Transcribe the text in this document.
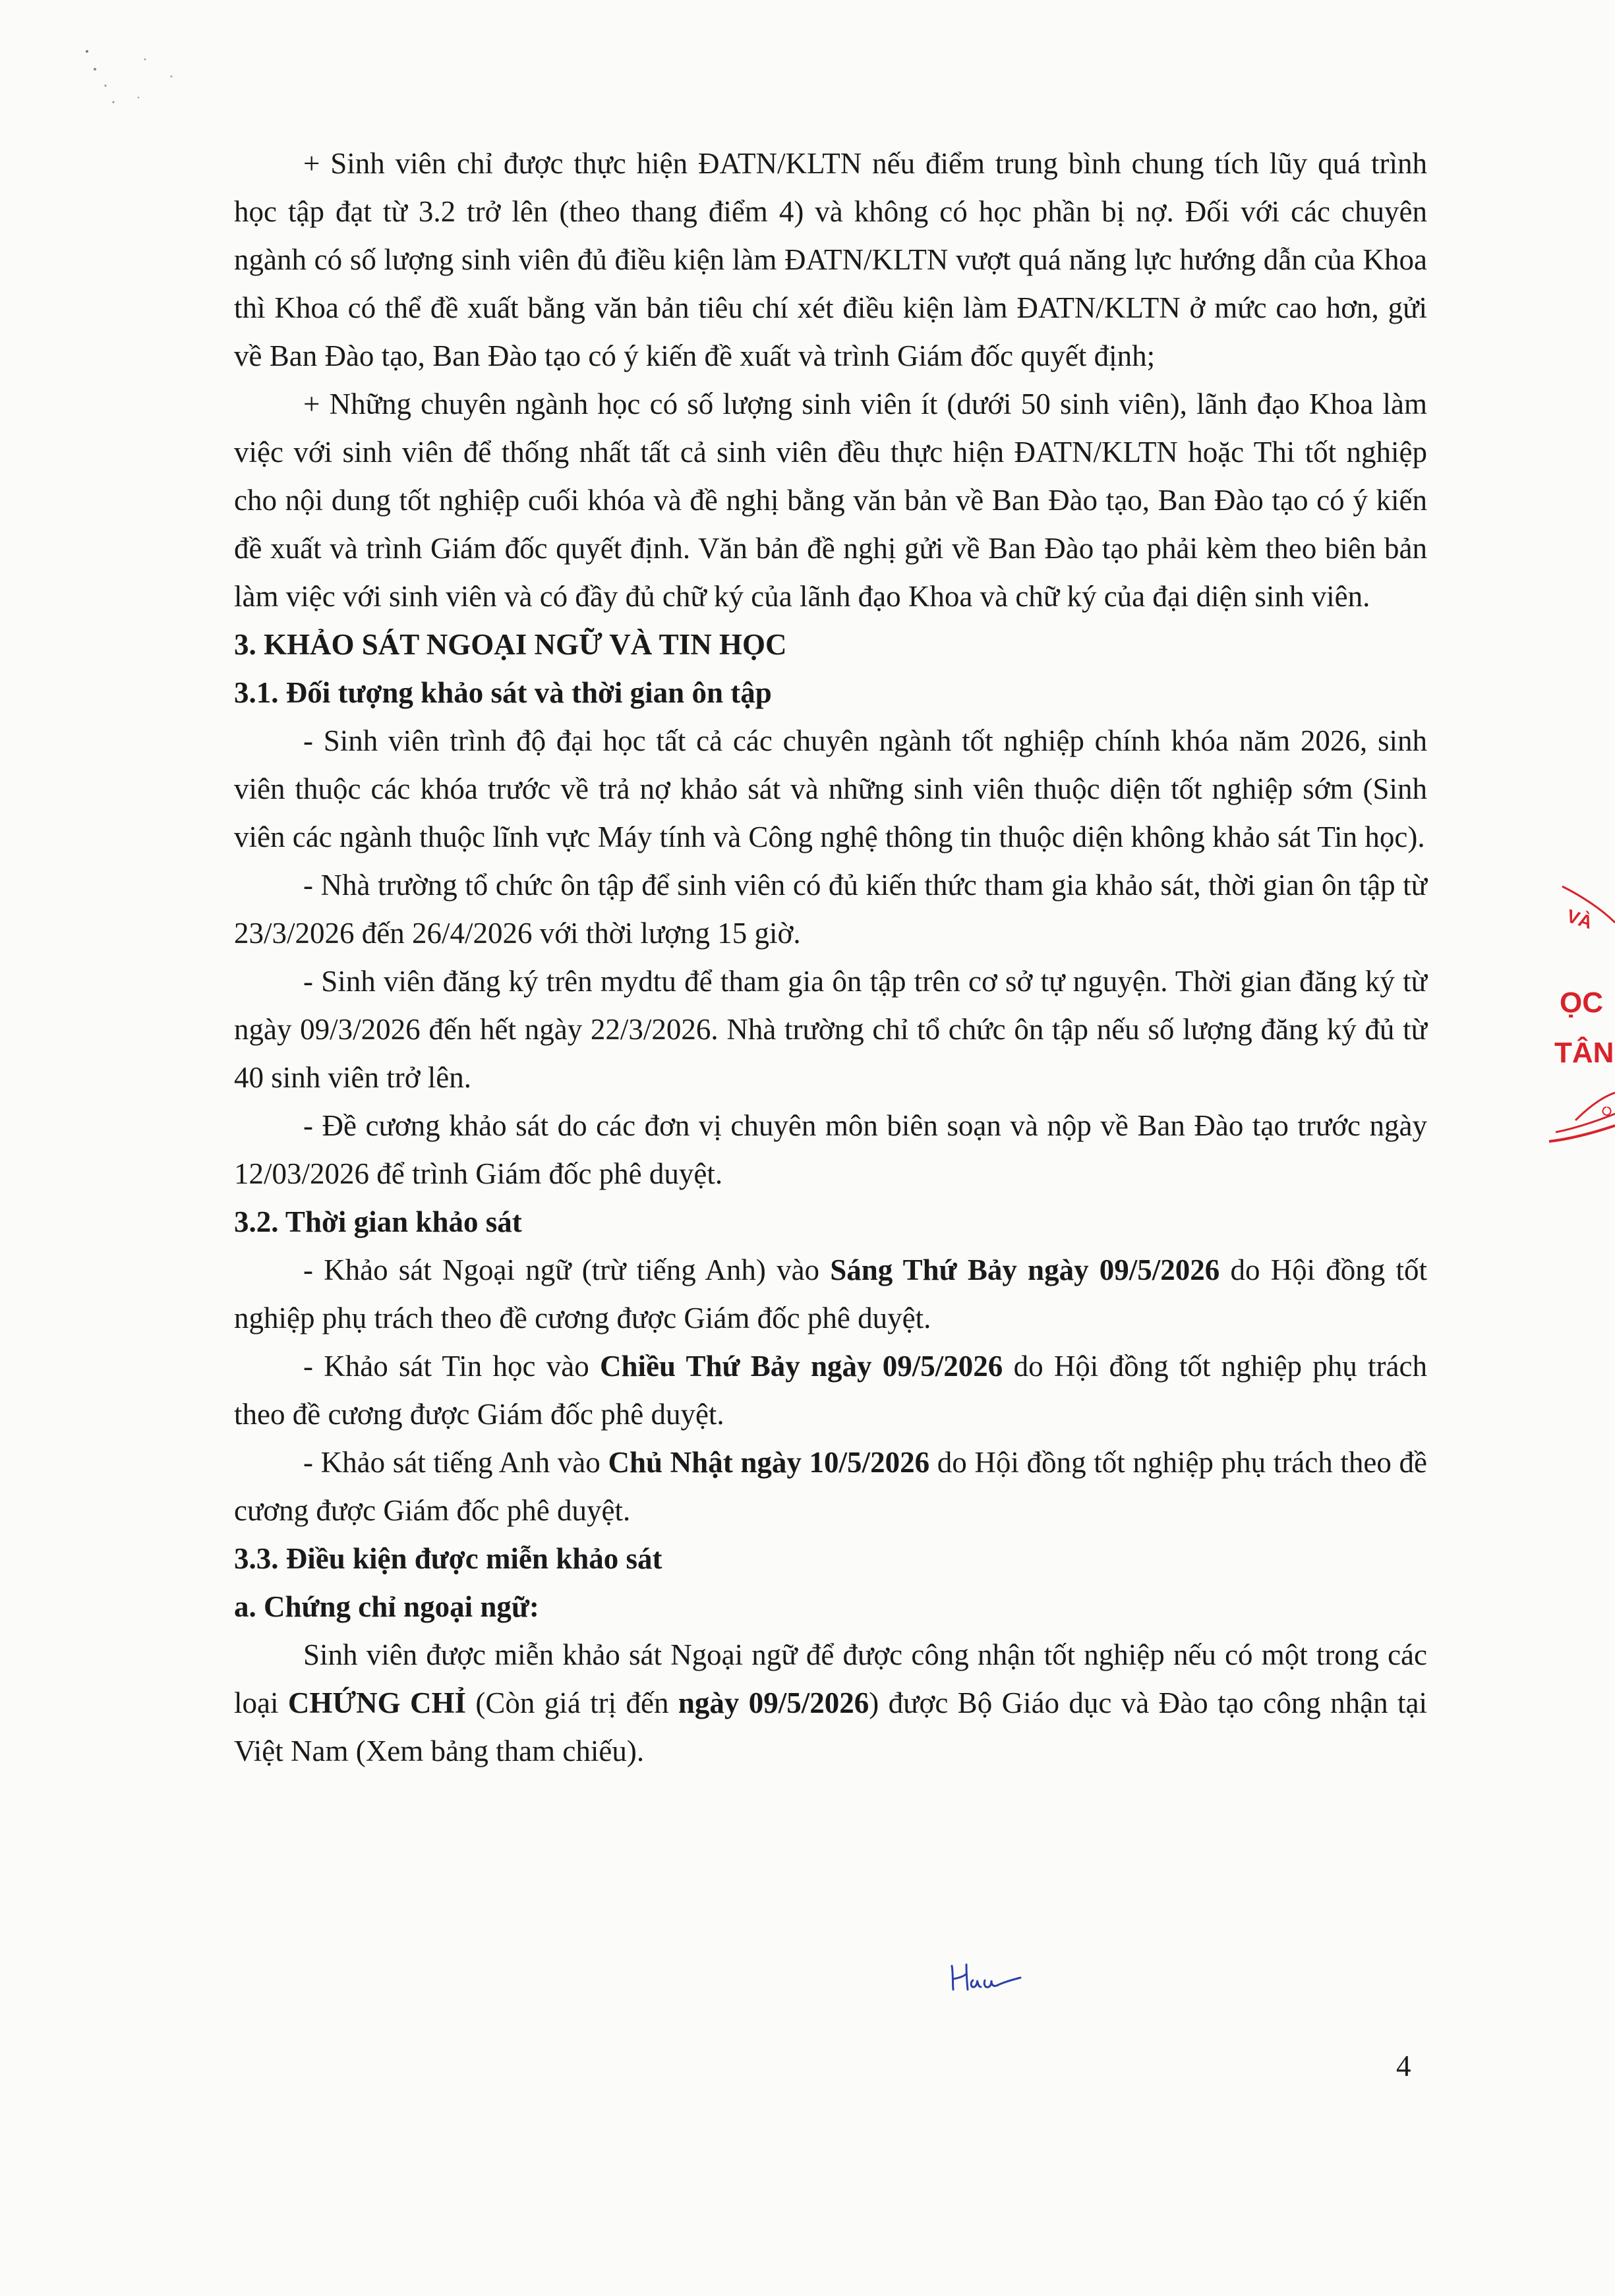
+ Sinh viên chỉ được thực hiện ĐATN/KLTN nếu điểm trung bình chung tích lũy quá trình học tập đạt từ 3.2 trở lên (theo thang điểm 4) và không có học phần bị nợ. Đối với các chuyên ngành có số lượng sinh viên đủ điều kiện làm ĐATN/KLTN vượt quá năng lực hướng dẫn của Khoa thì Khoa có thể đề xuất bằng văn bản tiêu chí xét điều kiện làm ĐATN/KLTN ở mức cao hơn, gửi về Ban Đào tạo, Ban Đào tạo có ý kiến đề xuất và trình Giám đốc quyết định;

+ Những chuyên ngành học có số lượng sinh viên ít (dưới 50 sinh viên), lãnh đạo Khoa làm việc với sinh viên để thống nhất tất cả sinh viên đều thực hiện ĐATN/KLTN hoặc Thi tốt nghiệp cho nội dung tốt nghiệp cuối khóa và đề nghị bằng văn bản về Ban Đào tạo, Ban Đào tạo có ý kiến đề xuất và trình Giám đốc quyết định. Văn bản đề nghị gửi về Ban Đào tạo phải kèm theo biên bản làm việc với sinh viên và có đầy đủ chữ ký của lãnh đạo Khoa và chữ ký của đại diện sinh viên.

3. KHẢO SÁT NGOẠI NGỮ VÀ TIN HỌC

3.1. Đối tượng khảo sát và thời gian ôn tập

- Sinh viên trình độ đại học tất cả các chuyên ngành tốt nghiệp chính khóa năm 2026, sinh viên thuộc các khóa trước về trả nợ khảo sát và những sinh viên thuộc diện tốt nghiệp sớm (Sinh viên các ngành thuộc lĩnh vực Máy tính và Công nghệ thông tin thuộc diện không khảo sát Tin học).

- Nhà trường tổ chức ôn tập để sinh viên có đủ kiến thức tham gia khảo sát, thời gian ôn tập từ 23/3/2026 đến 26/4/2026 với thời lượng 15 giờ.

- Sinh viên đăng ký trên mydtu để tham gia ôn tập trên cơ sở tự nguyện. Thời gian đăng ký từ ngày 09/3/2026 đến hết ngày 22/3/2026. Nhà trường chỉ tổ chức ôn tập nếu số lượng đăng ký đủ từ 40 sinh viên trở lên.

- Đề cương khảo sát do các đơn vị chuyên môn biên soạn và nộp về Ban Đào tạo trước ngày 12/03/2026 để trình Giám đốc phê duyệt.

3.2. Thời gian khảo sát

- Khảo sát Ngoại ngữ (trừ tiếng Anh) vào Sáng Thứ Bảy ngày 09/5/2026 do Hội đồng tốt nghiệp phụ trách theo đề cương được Giám đốc phê duyệt.

- Khảo sát Tin học vào Chiều Thứ Bảy ngày 09/5/2026 do Hội đồng tốt nghiệp phụ trách theo đề cương được Giám đốc phê duyệt.

- Khảo sát tiếng Anh vào Chủ Nhật ngày 10/5/2026 do Hội đồng tốt nghiệp phụ trách theo đề cương được Giám đốc phê duyệt.

3.3. Điều kiện được miễn khảo sát

a. Chứng chỉ ngoại ngữ:

Sinh viên được miễn khảo sát Ngoại ngữ để được công nhận tốt nghiệp nếu có một trong các loại CHỨNG CHỈ (Còn giá trị đến ngày 09/5/2026) được Bộ Giáo dục và Đào tạo công nhận tại Việt Nam (Xem bảng tham chiếu).

VÀ
ỌC
TÂN
4
